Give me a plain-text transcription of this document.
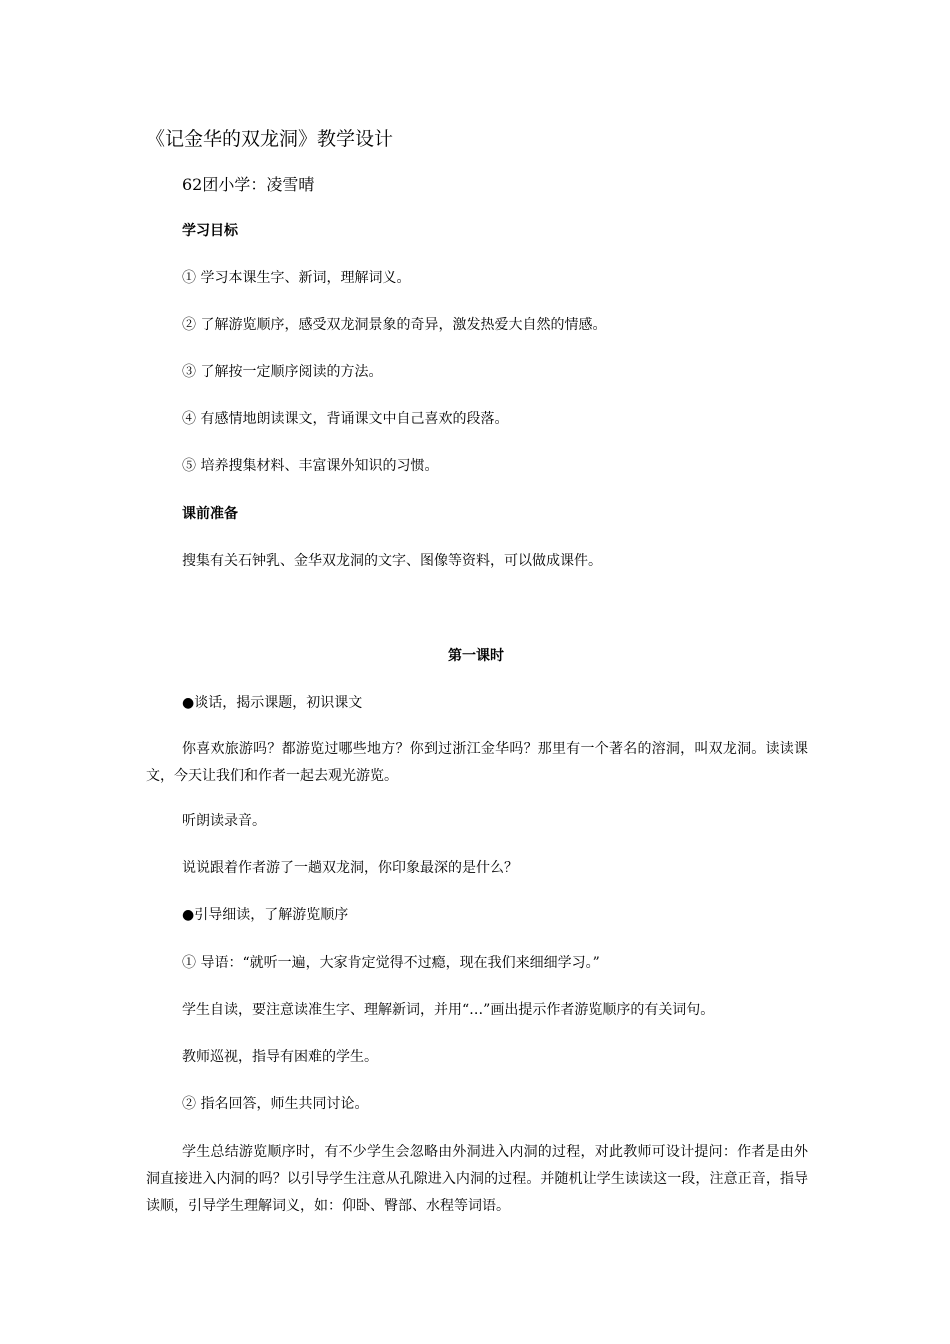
《记金华的双龙洞》教学设计
62团小学：凌雪晴
学习目标
① 学习本课生字、新词，理解词义。
② 了解游览顺序，感受双龙洞景象的奇异，激发热爱大自然的情感。
③ 了解按一定顺序阅读的方法。
④ 有感情地朗读课文，背诵课文中自己喜欢的段落。
⑤ 培养搜集材料、丰富课外知识的习惯。
课前准备
搜集有关石钟乳、金华双龙洞的文字、图像等资料，可以做成课件。
第一课时
●谈话，揭示课题，初识课文
你喜欢旅游吗？都游览过哪些地方？你到过浙江金华吗？那里有一个著名的溶洞，叫双龙洞。读读课文，今天让我们和作者一起去观光游览。
听朗读录音。
说说跟着作者游了一趟双龙洞，你印象最深的是什么？
●引导细读，了解游览顺序
① 导语：“就听一遍，大家肯定觉得不过瘾，现在我们来细细学习。”
学生自读，要注意读准生字、理解新词，并用“…”画出提示作者游览顺序的有关词句。
教师巡视，指导有困难的学生。
② 指名回答，师生共同讨论。
学生总结游览顺序时，有不少学生会忽略由外洞进入内洞的过程，对此教师可设计提问：作者是由外洞直接进入内洞的吗？以引导学生注意从孔隙进入内洞的过程。并随机让学生读读这一段，注意正音，指导读顺，引导学生理解词义，如：仰卧、臀部、水程等词语。
